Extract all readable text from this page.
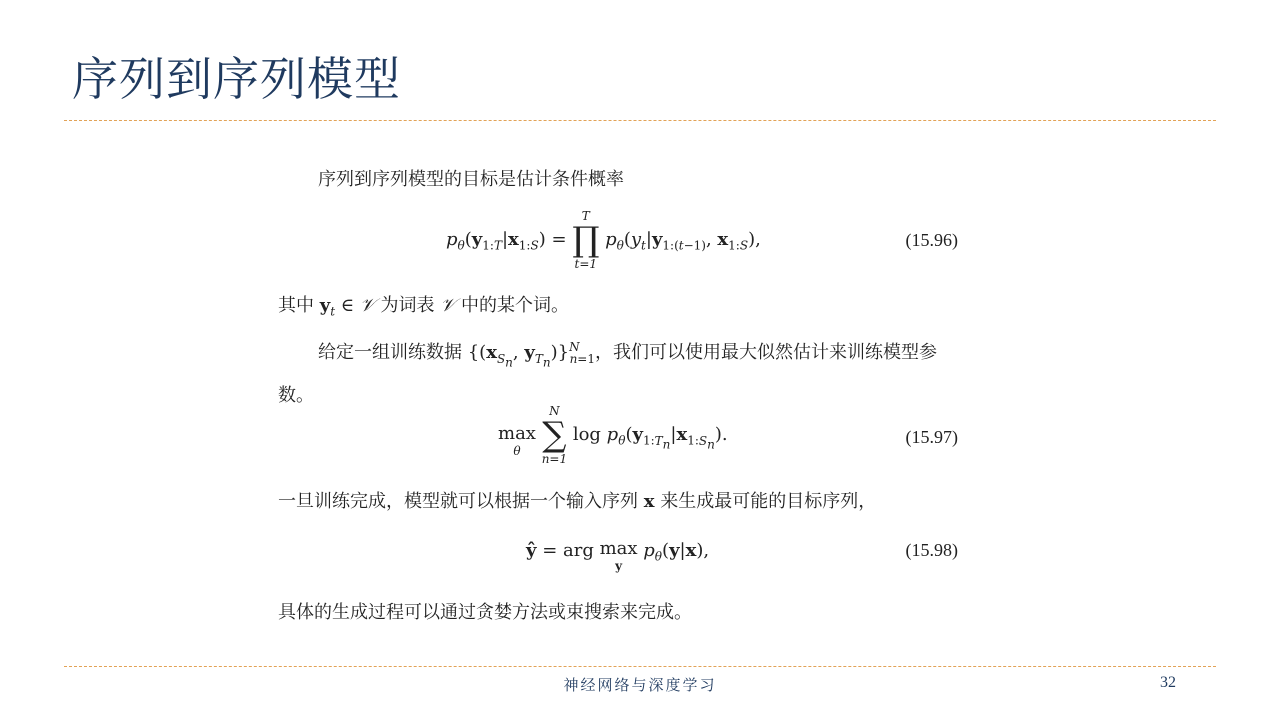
序列到序列模型
序列到序列模型的目标是估计条件概率
$p_\theta(y_{1:T}|x_{1:S})$ =
T
∏
t=1
$p_\theta(y_t|y_{1:(t-1)}$, $x_{1:S}$),	(15.96)
其中 $y_t$ ∈ 𝒱 为词表 𝒱 中的某个词。
给定一组训练数据 {($x_{S_n}$, $y_{T_n})\}^N_{n=1}$，我们可以使用最大似然估计来训练模型参数。
max
θ

N
∑
n=1
$\log p_\theta(y_{1:T_n}|x_{1:S_n})$.	(15.97)
一旦训练完成，模型就可以根据一个输入序列 x 来生成最可能的目标序列，
ŷ = arg max
y
$p_\theta(y|x)$,	(15.98)
具体的生成过程可以通过贪婪方法或束搜索来完成。
神经网络与深度学习	32
